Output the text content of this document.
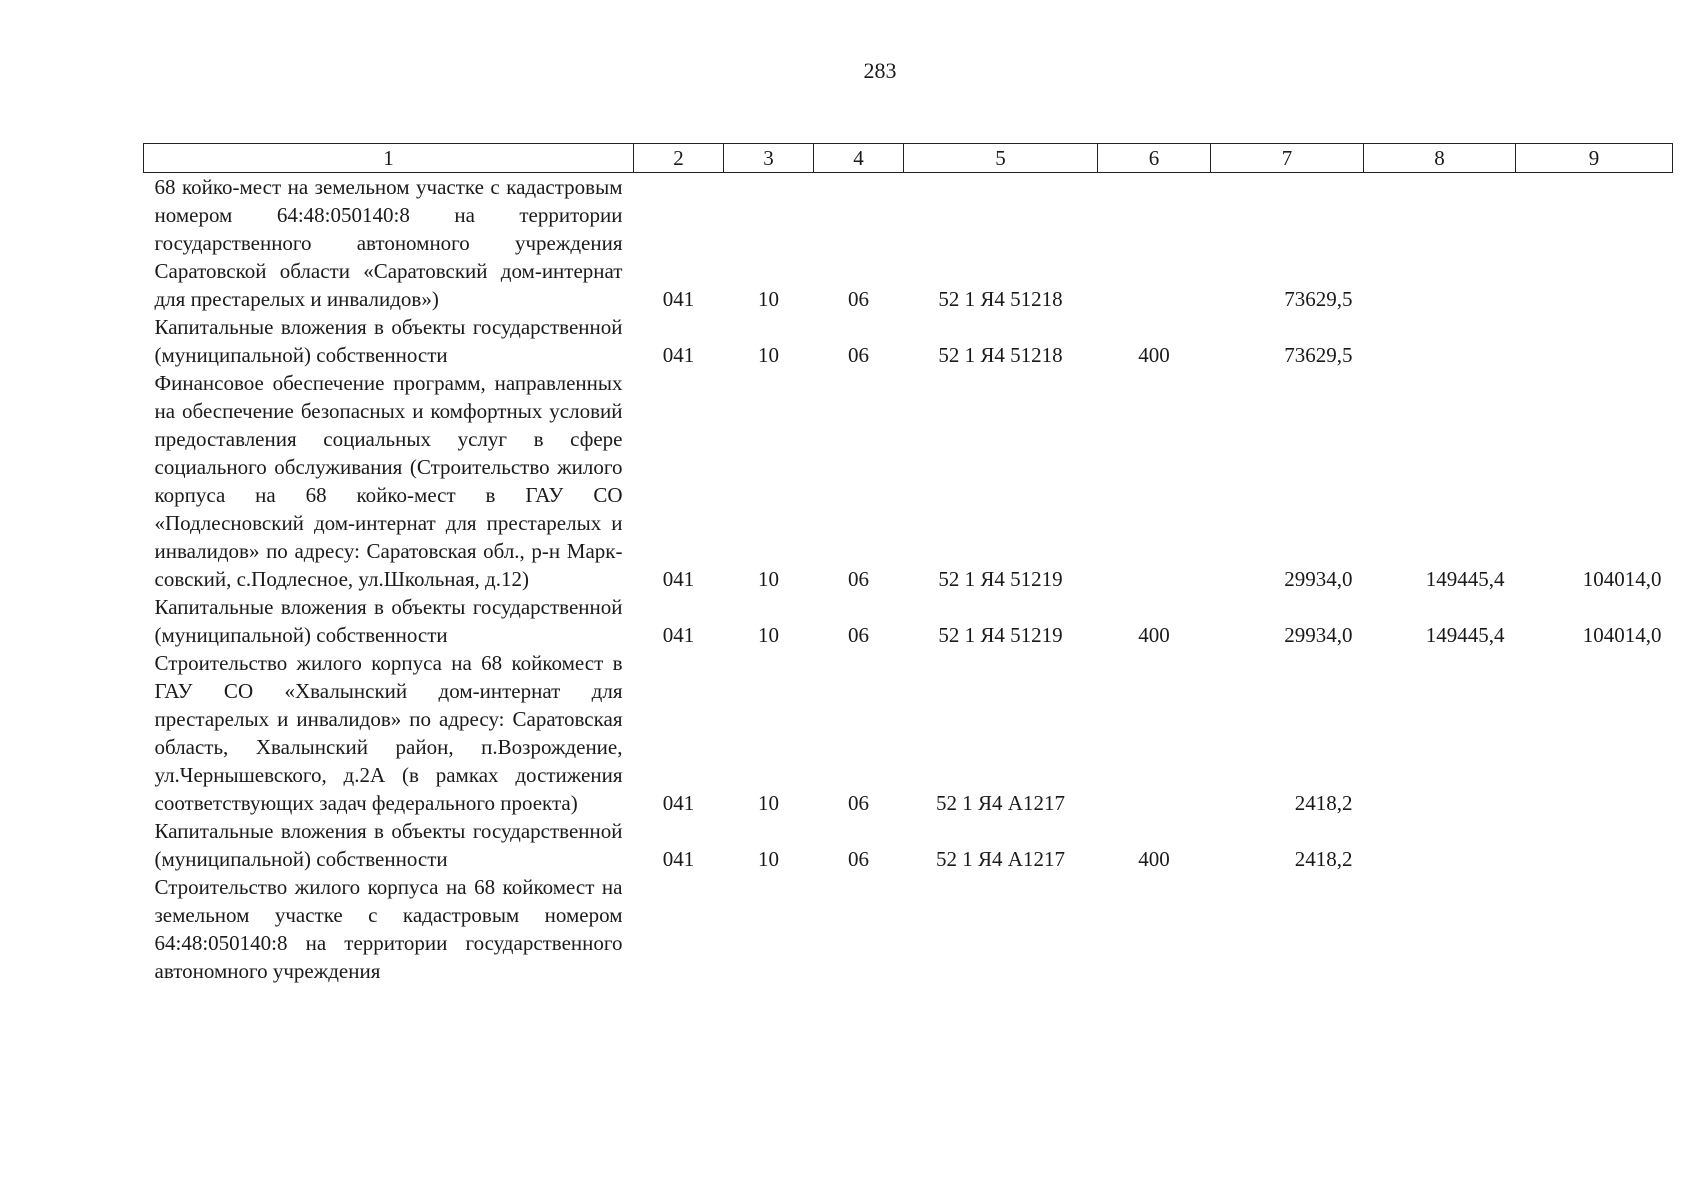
283
1	2	3	4	5	6	7	8	9
68 койко-мест на земельном участке с кадастровым номером 64:48:050140:8 на территории государственного автономного учреждения Саратовской области «Саратовский дом-интернат для престарелых и инвалидов»)	041	10	06	52 1 Я4 51218		73629,5		
Капитальные вложения в объекты государственной (муниципальной) собственности	041	10	06	52 1 Я4 51218	400	73629,5		
Финансовое обеспечение программ, направленных на обеспечение безопасных и комфортных условий предоставления социальных услуг в сфере социального обслуживания (Строительство жилого корпуса на 68 койко-мест в ГАУ СО «Подлесновский дом-интернат для престарелых и инвалидов» по адресу: Саратовская обл., р-н Марксовский, с.Подлесное, ул.Школьная, д.12)	041	10	06	52 1 Я4 51219		29934,0	149445,4	104014,0
Капитальные вложения в объекты государственной (муниципальной) собственности	041	10	06	52 1 Я4 51219	400	29934,0	149445,4	104014,0
Строительство жилого корпуса на 68 койкомест в ГАУ СО «Хвалынский дом-интернат для престарелых и инвалидов» по адресу: Саратовская область, Хвалынский район, п.Возрождение, ул.Чернышевского, д.2А (в рамках достижения соответствующих задач федерального проекта)	041	10	06	52 1 Я4 А1217		2418,2		
Капитальные вложения в объекты государственной (муниципальной) собственности	041	10	06	52 1 Я4 А1217	400	2418,2		
Строительство жилого корпуса на 68 койкомест на земельном участке с кадастровым номером 64:48:050140:8 на территории государственного автономного учреждения								
